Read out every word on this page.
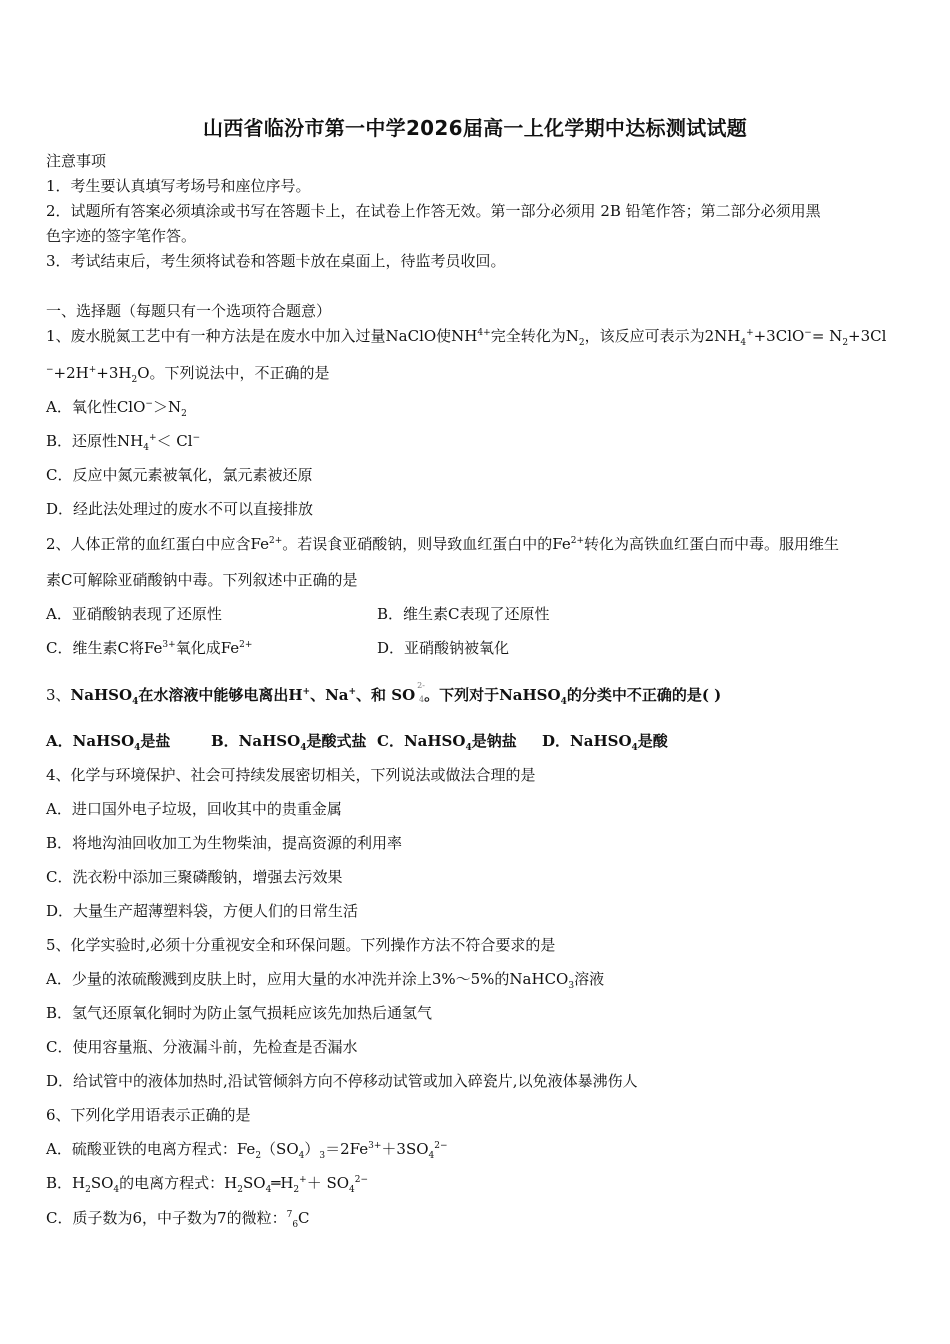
山西省临汾市第一中学2026届高一上化学期中达标测试试题
注意事项
1．考生要认真填写考场号和座位序号。
2．试题所有答案必须填涂或书写在答题卡上，在试卷上作答无效。第一部分必须用 2B 铅笔作答；第二部分必须用黑
色字迹的签字笔作答。
3．考试结束后，考生须将试卷和答题卡放在桌面上，待监考员收回。
一、选择题（每题只有一个选项符合题意）
1、废水脱氮工艺中有一种方法是在废水中加入过量NaClO使$NH^{4+}$完全转化为$N_2$，该反应可表示为$2NH_4^++3ClO^-= N_2+3Cl$
$^-+2H^++3H_2O$。下列说法中，不正确的是
A．氧化性$ClO^->N_2$
B．还原性$NH_4^+< Cl^-$
C．反应中氮元素被氧化，氯元素被还原
D．经此法处理过的废水不可以直接排放
2、人体正常的血红蛋白中应含$Fe^{2+}$。若误食亚硝酸钠，则导致血红蛋白中的$Fe^{2+}$转化为高铁血红蛋白而中毒。服用维生
素C可解除亚硝酸钠中毒。下列叙述中正确的是
A．亚硝酸钠表现了还原性	B．维生素C表现了还原性
C．维生素C将$Fe^{3+}$氧化成$Fe^{2+}$	D．亚硝酸钠被氧化
3、NaHSO$_4$在水溶液中能够电离出H+、Na+、和 $SO^{2-}4$。下列对于NaHSO$_4$的分类中不正确的是( )
A．NaHSO$_4$是盐	B．NaHSO$_4$是酸式盐 C．NaHSO$_4$是钠盐 D．NaHSO$_4$是酸
4、化学与环境保护、社会可持续发展密切相关，下列说法或做法合理的是
A．进口国外电子垃圾，回收其中的贵重金属
B．将地沟油回收加工为生物柴油，提高资源的利用率
C．洗衣粉中添加三聚磷酸钠，增强去污效果
D．大量生产超薄塑料袋，方便人们的日常生活
5、化学实验时,必须十分重视安全和环保问题。下列操作方法不符合要求的是
A．少量的浓硫酸溅到皮肤上时，应用大量的水冲洗并涂上3%～5%的NaHCO$_3$溶液
B．氢气还原氧化铜时为防止氢气损耗应该先加热后通氢气
C．使用容量瓶、分液漏斗前，先检查是否漏水
D．给试管中的液体加热时,沿试管倾斜方向不停移动试管或加入碎瓷片,以免液体暴沸伤人
6、下列化学用语表示正确的是
A．硫酸亚铁的电离方程式：$Fe_2(SO_4)_3=2Fe^{3+}+3SO_4^{2-}$
B．$H_2SO_4$的电离方程式：$H_2SO_4═H_2^++ SO_4^{2-}$
C．质子数为6，中子数为7的微粒：$^7_6$C
